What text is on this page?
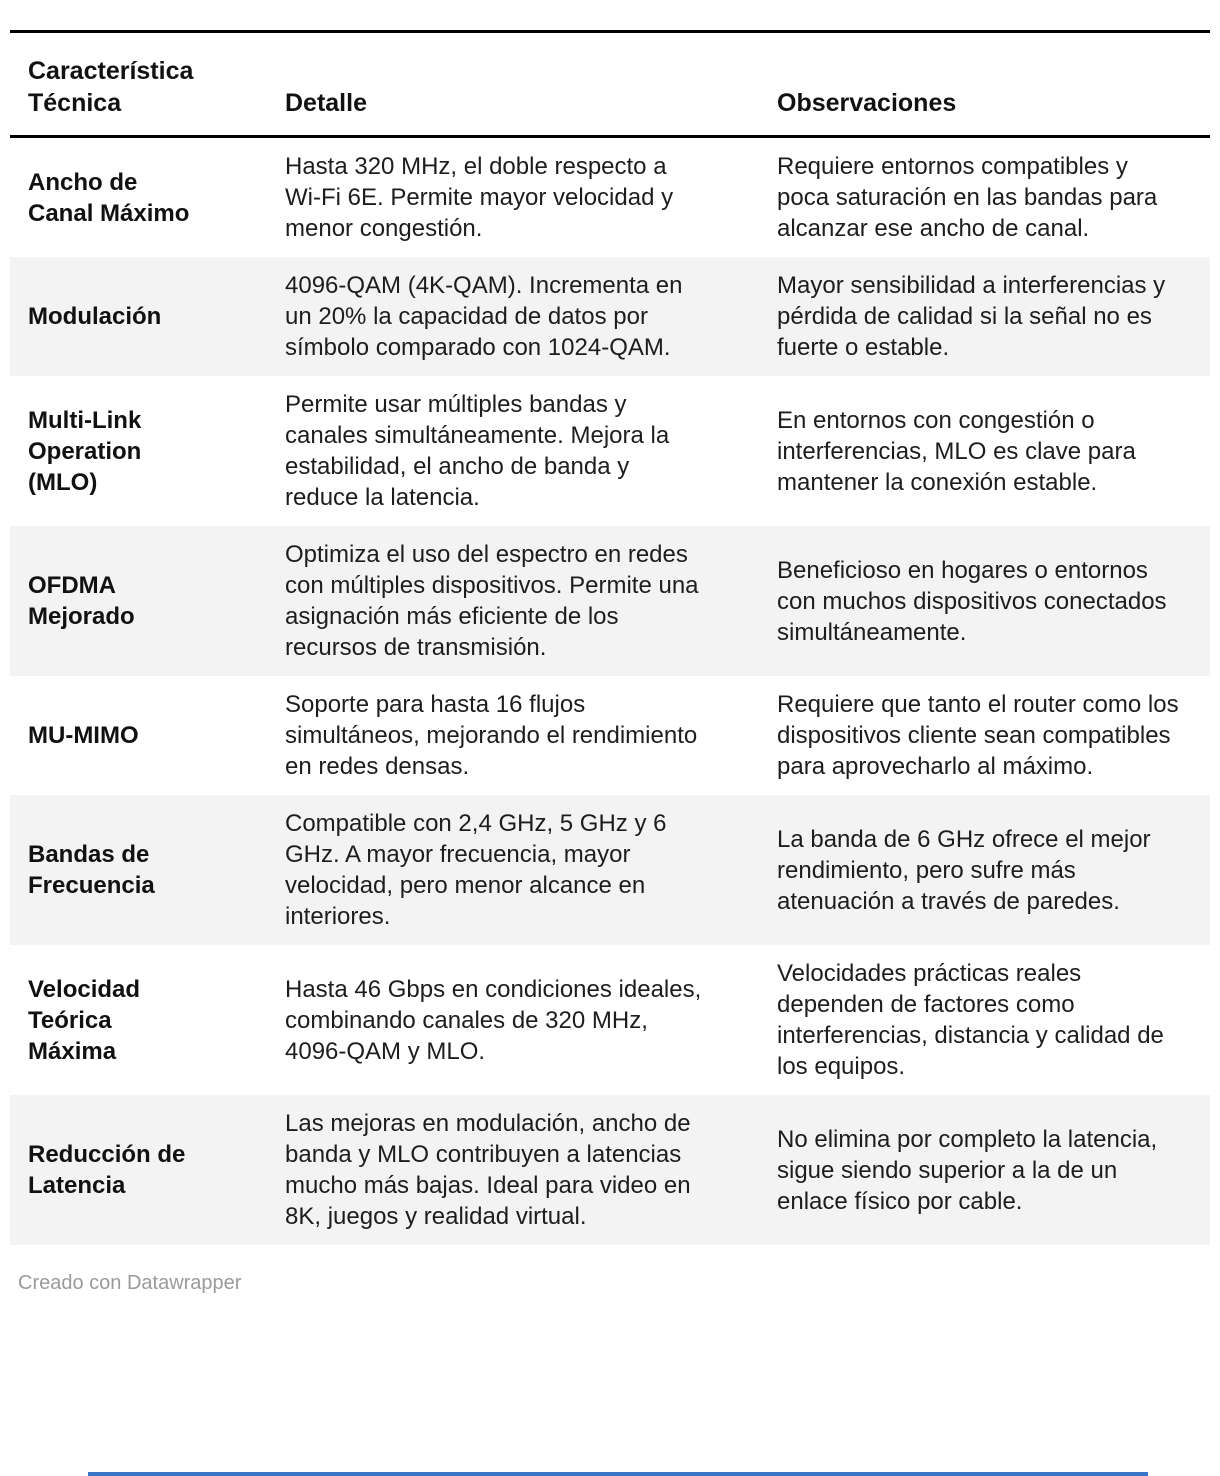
Característica Técnica	Detalle	Observaciones
Ancho de Canal Máximo	Hasta 320 MHz, el doble respecto a Wi-Fi 6E. Permite mayor velocidad y menor congestión.	Requiere entornos compatibles y poca saturación en las bandas para alcanzar ese ancho de canal.
Modulación	4096-QAM (4K-QAM). Incrementa en un 20% la capacidad de datos por símbolo comparado con 1024-QAM.	Mayor sensibilidad a interferencias y pérdida de calidad si la señal no es fuerte o estable.
Multi-Link Operation (MLO)	Permite usar múltiples bandas y canales simultáneamente. Mejora la estabilidad, el ancho de banda y reduce la latencia.	En entornos con congestión o interferencias, MLO es clave para mantener la conexión estable.
OFDMA Mejorado	Optimiza el uso del espectro en redes con múltiples dispositivos. Permite una asignación más eficiente de los recursos de transmisión.	Beneficioso en hogares o entornos con muchos dispositivos conectados simultáneamente.
MU-MIMO	Soporte para hasta 16 flujos simultáneos, mejorando el rendimiento en redes densas.	Requiere que tanto el router como los dispositivos cliente sean compatibles para aprovecharlo al máximo.
Bandas de Frecuencia	Compatible con 2,4 GHz, 5 GHz y 6 GHz. A mayor frecuencia, mayor velocidad, pero menor alcance en interiores.	La banda de 6 GHz ofrece el mejor rendimiento, pero sufre más atenuación a través de paredes.
Velocidad Teórica Máxima	Hasta 46 Gbps en condiciones ideales, combinando canales de 320 MHz, 4096-QAM y MLO.	Velocidades prácticas reales dependen de factores como interferencias, distancia y calidad de los equipos.
Reducción de Latencia	Las mejoras en modulación, ancho de banda y MLO contribuyen a latencias mucho más bajas. Ideal para video en 8K, juegos y realidad virtual.	No elimina por completo la latencia, sigue siendo superior a la de un enlace físico por cable.
Creado con Datawrapper
